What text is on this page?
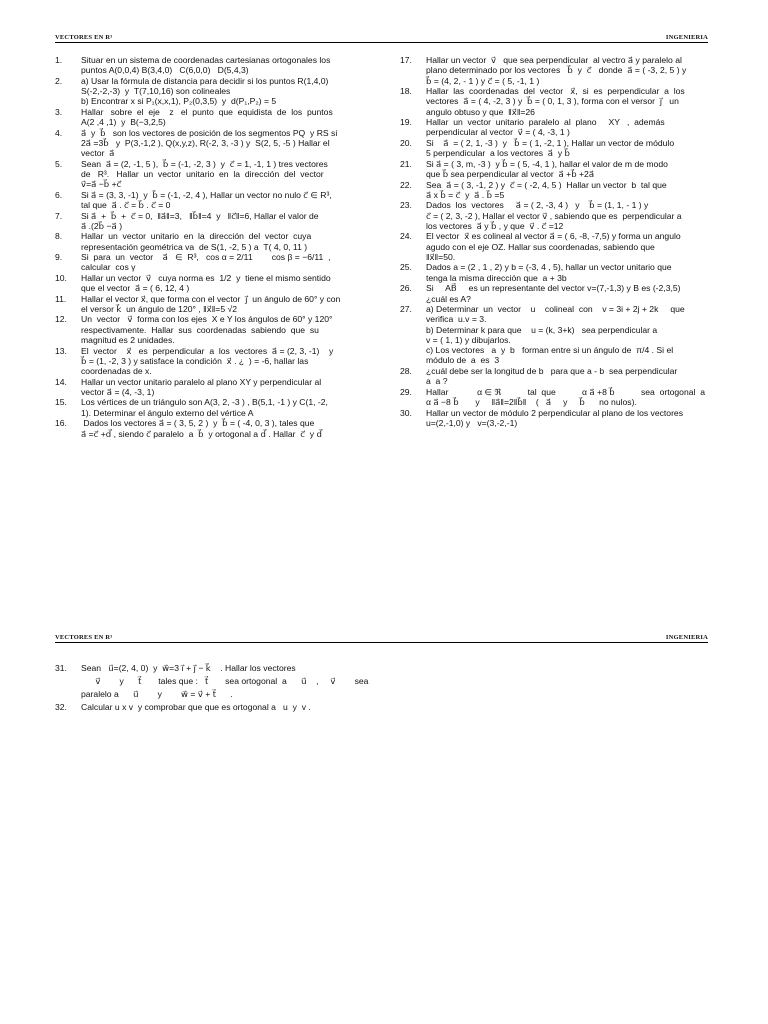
VECTORES EN R³	INGENIERIA
1.	Situar en un sistema de coordenadas cartesianas ortogonales los
puntos A(0,0,4) B(3,4,0)   C(6,0,0)   D(5,4,3)
2.	a) Usar la fórmula de distancia para decidir si los puntos R(1,4,0)
S(-2,-2,-3)  y  T(7,10,16) son colineales
b) Encontrar x si P₁(x,x,1), P₂(0,3,5)  y  d(P₁,P₂) = 5
3.	Hallar   sobre  el  eje    z   el  punto  que  equidista  de  los  puntos
A(2 ,4 ,1)  y  B(−3,2,5)
4.	a⃗  y  b⃗   son los vectores de posición de los segmentos PQ  y RS si
2a⃗ =3b⃗   y  P(3,-1,2 ), Q(x,y,z), R(-2, 3, -3 ) y  S(2, 5, -5 ) Hallar el
vector  a⃗
5.	Sean  a⃗ = (2, -1, 5 ),  b⃗ = (-1, -2, 3 )  y  c⃗ = 1, -1, 1 ) tres vectores
de   R³.   Hallar  un  vector  unitario  en  la  dirección  del  vector
v⃗=a⃗ −b⃗ +c⃗
6.	Si a⃗ = (3, 3, -1)  y  b⃗ = (-1, -2, 4 ), Hallar un vector no nulo c⃗ ∈ R³,
tal que  a⃗ . c⃗ = b⃗ . c⃗ = 0
7.	Si a⃗  +  b⃗  +  c⃗ = 0,  ‖a⃗‖=3,   ‖b⃗‖=4  y   ‖c⃗‖=6, Hallar el valor de
a⃗ .(2b⃗ −a⃗ )
8.	Hallar  un  vector  unitario  en  la  dirección  del  vector  cuya
representación geométrica va  de S(1, -2, 5 ) a  T( 4, 0, 11 )
9.	Si  para  un  vector    a⃗   ∈  R³,   cos α = 2/11        cos β = −6/11  ,
calcular  cos γ
10.	Hallar un vector  v⃗   cuya norma es  1/2  y  tiene el mismo sentido
que el vector  a⃗ = ( 6, 12, 4 )
11.	Hallar el vector x⃗, que forma con el vector  j⃗  un ángulo de 60° y con
el versor k⃗  un ángulo de 120° , ‖x⃗‖=5 √2
12.	Un  vector   v⃗  forma con los ejes  X e Y los ángulos de 60° y 120°
respectivamente.  Hallar  sus  coordenadas  sabiendo  que  su
magnitud es 2 unidades.
13.	El  vector    x⃗   es  perpendicular  a  los  vectores  a⃗ = (2, 3, -1)    y
b⃗ = (1, -2, 3 ) y satisface la condición  x⃗ . ¿  ) = -6, hallar las
coordenadas de x.
14.	Hallar un vector unitario paralelo al plano XY y perpendicular al
vector a⃗ = (4, -3, 1)
15.	Los vértices de un triángulo son A(3, 2, -3 ) , B(5,1, -1 ) y C(1, -2,
1). Determinar el ángulo externo del vértice A
16.	Dados los vectores a⃗ = ( 3, 5, 2 )  y  b⃗ = ( -4, 0, 3 ), tales que
a⃗ =c⃗ +d⃗ , siendo c⃗ paralelo  a  b⃗  y ortogonal a d⃗ . Hallar  c⃗  y d⃗
17.	Hallar un vector  v⃗   que sea perpendicular  al vectro a⃗ y paralelo al
plano determinado por los vectores   b⃗  y  c⃗   donde  a⃗ = ( -3, 2, 5 ) y
b⃗ = (4, 2, - 1 ) y c⃗ = ( 5, -1, 1 )
18.	Hallar  las  coordenadas  del  vector   x⃗,  si  es  perpendicular  a  los
vectores  a⃗ = ( 4, -2, 3 ) y  b⃗ = ( 0, 1, 3 ), forma con el versor  j⃗   un
angulo obtuso y que  ‖x⃗‖=26
19.	Hallar  un  vector  unitario  paralelo  al  plano     XY   ,  además
perpendicular al vector  v⃗ = ( 4, -3, 1 )
20.	Si    a⃗  = ( 2, 1, -3 )  y   b⃗ = ( 1, -2, 1 ), Hallar un vector de módulo
5 perpendicular  a los vectores  a⃗  y b⃗
21.	Si a⃗ = ( 3, m, -3 )  y b⃗ = ( 5, -4, 1 ), hallar el valor de m de modo
que b⃗ sea perpendicular al vector  a⃗ +b⃗ +2a⃗
22.	Sea  a⃗ = ( 3, -1, 2 ) y  c⃗ = ( -2, 4, 5 )  Hallar un vector  b  tal que
a⃗ x b⃗ = c⃗  y  a⃗ . b⃗ =5
23.	Dados  los  vectores     a⃗ = ( 2, -3, 4 )   y    b⃗ = (1, 1, - 1 ) y
c⃗ = ( 2, 3, -2 ), Hallar el vector v⃗ , sabiendo que es  perpendicular a
los vectores  a⃗ y b⃗ , y que  v⃗ . c⃗ =12
24.	El vector  x⃗ es colineal al vector a⃗ = ( 6, -8, -7,5) y forma un angulo
agudo con el eje OZ. Hallar sus coordenadas, sabiendo que
‖x⃗‖=50.
25.	Dados a = (2 , 1 , 2) y b = (-3, 4 , 5), hallar un vector unitario que
tenga la misma dirección que  a + 3b
26.	Si     AB⃗     es un representante del vector v=(7,-1,3) y B es (-2,3,5)
¿cuál es A?
27.	a) Determinar  un  vector    u    colineal  con    v = 3i + 2j + 2k     que
verifica  u.v = 3.
b) Determinar k para que    u = (k, 3+k)   sea perpendicular a
v = ( 1, 1) y dibujarlos.
c) Los vectores   a  y  b   forman entre si un ángulo de  π/4 . Si el
módulo de  a  es  3
28.	¿cuál debe ser la longitud de b   para que a - b  sea perpendicular
a  a ?
29.	Hallar            α ∈ ℜ           tal  que           α a⃗ +8 b⃗           sea  ortogonal  a
α a⃗ −8 b⃗       y     ‖a⃗‖=2‖b⃗‖    (   a⃗     y     b⃗      no nulos).
30.	Hallar un vector de módulo 2 perpendicular al plano de los vectores
u=(2,-1,0) y   v=(3,-2,-1)
VECTORES EN R³	INGENIERIA
31.	Sean   u⃗=(2, 4, 0)  y  w⃗=3 i⃗ + j⃗ − k⃗    . Hallar los vectores
v⃗        y      t⃗       tales que :   t⃗       sea ortogonal  a      u⃗    ,     v⃗        sea
paralelo a      u⃗        y        w⃗ = v⃗ + t⃗      .
32.	Calcular u x v  y comprobar que que es ortogonal a   u  y  v .
